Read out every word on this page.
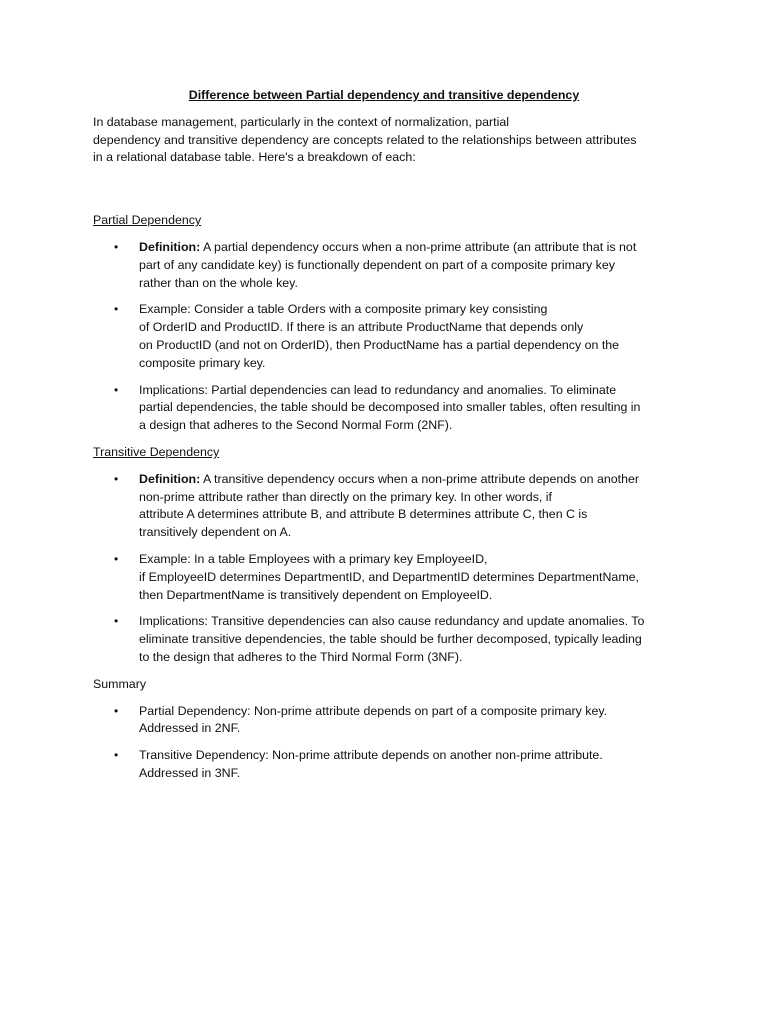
Difference between Partial dependency and transitive dependency
In database management, particularly in the context of normalization, partial
dependency and transitive dependency are concepts related to the relationships between attributes
in a relational database table. Here's a breakdown of each:
Partial Dependency
• Definition: A partial dependency occurs when a non-prime attribute (an attribute that is not
part of any candidate key) is functionally dependent on part of a composite primary key
rather than on the whole key.
• Example: Consider a table Orders with a composite primary key consisting
of OrderID and ProductID. If there is an attribute ProductName that depends only
on ProductID (and not on OrderID), then ProductName has a partial dependency on the
composite primary key.
• Implications: Partial dependencies can lead to redundancy and anomalies. To eliminate
partial dependencies, the table should be decomposed into smaller tables, often resulting in
a design that adheres to the Second Normal Form (2NF).
Transitive Dependency
• Definition: A transitive dependency occurs when a non-prime attribute depends on another
non-prime attribute rather than directly on the primary key. In other words, if
attribute A determines attribute B, and attribute B determines attribute C, then C is
transitively dependent on A.
• Example: In a table Employees with a primary key EmployeeID,
if EmployeeID determines DepartmentID, and DepartmentID determines DepartmentName,
then DepartmentName is transitively dependent on EmployeeID.
• Implications: Transitive dependencies can also cause redundancy and update anomalies. To
eliminate transitive dependencies, the table should be further decomposed, typically leading
to the design that adheres to the Third Normal Form (3NF).
Summary
• Partial Dependency: Non-prime attribute depends on part of a composite primary key.
Addressed in 2NF.
• Transitive Dependency: Non-prime attribute depends on another non-prime attribute.
Addressed in 3NF.
